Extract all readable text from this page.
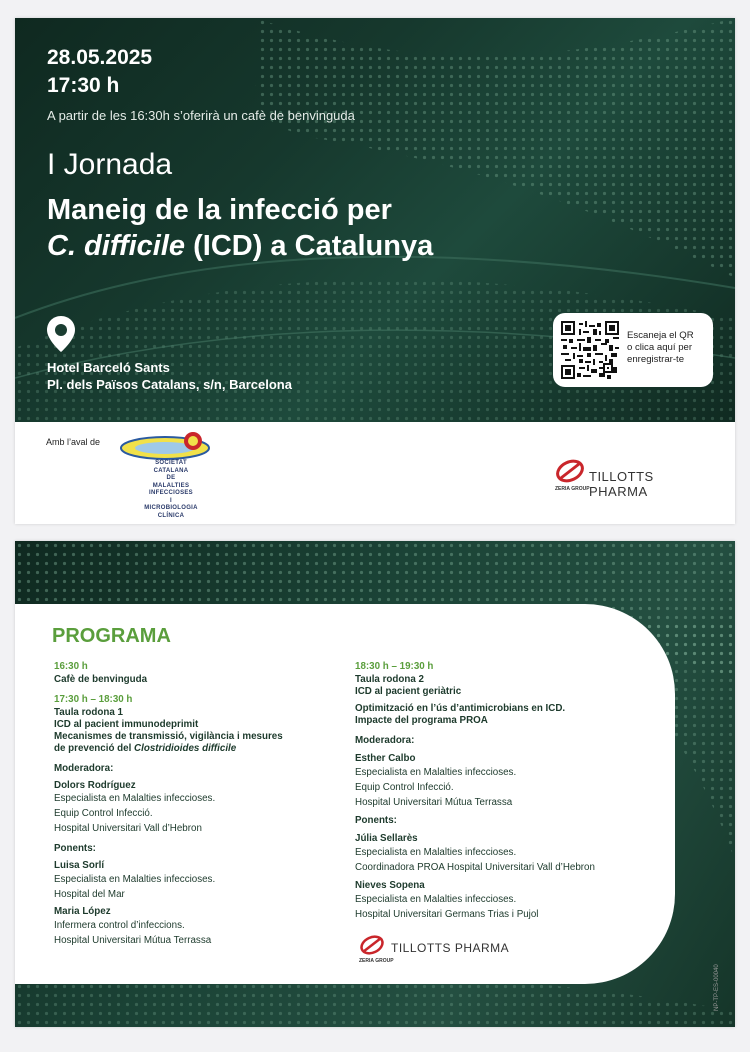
28.05.2025
17:30 h
A partir de les 16:30h s’oferirà un cafè de benvinguda
I Jornada
Maneig de la infecció per
C. difficile (ICD) a Catalunya
Hotel Barceló Sants
Pl. dels Països Catalans, s/n, Barcelona
Escaneja el QR
o clica aquí per
enregistrar-te
Amb l’aval de
SOCIETAT
CATALANA
DE
MALALTIES
INFECCIOSES
I
MICROBIOLOGIA
CLÍNICA
TILLOTTS PHARMA
ZERIA GROUP
PROGRAMA
16:30 h
Cafè de benvinguda
17:30 h – 18:30 h
Taula rodona 1
ICD al pacient immunodeprimit
Mecanismes de transmissió, vigilància i mesures
de prevenció del Clostridioides difficile
Moderadora:
Dolors Rodríguez
Especialista en Malalties infeccioses.
Equip Control Infecció.
Hospital Universitari Vall d’Hebron
Ponents:
Luisa Sorlí
Especialista en Malalties infeccioses.
Hospital del Mar
Maria López
Infermera control d’infeccions.
Hospital Universitari Mútua Terrassa
18:30 h – 19:30 h
Taula rodona 2
ICD al pacient geriàtric
Optimització en l’ús d’antimicrobians en ICD.
Impacte del programa PROA
Moderadora:
Esther Calbo
Especialista en Malalties infeccioses.
Equip Control Infecció.
Hospital Universitari Mútua Terrassa
Ponents:
Júlia Sellarès
Especialista en Malalties infeccioses.
Coordinadora PROA Hospital Universitari Vall d’Hebron
Nieves Sopena
Especialista en Malalties infeccioses.
Hospital Universitari Germans Trias i Pujol
TILLOTTS PHARMA
ZERIA GROUP
NP-TP-ES-00040
